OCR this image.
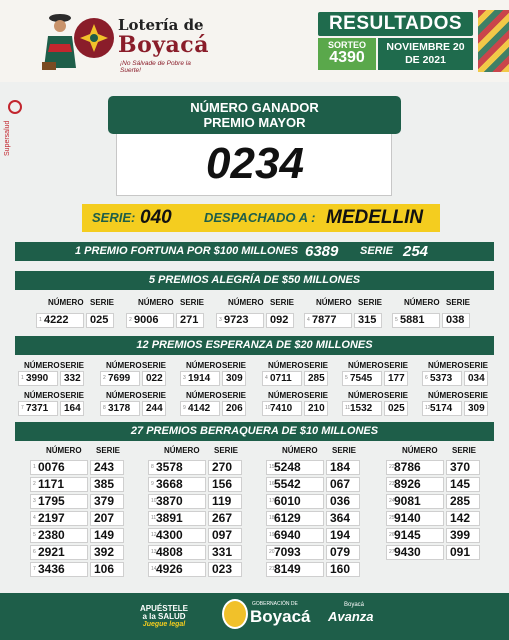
Lotería de
Boyacá
¡No Sálvade de Pobre la Suerte!
RESULTADOS
SORTEO
4390
NOVIEMBRE 20
DE 2021
Supersalud
NÚMERO GANADOR
PREMIO MAYOR
0234
SERIE: 040 DESPACHADO A : MEDELLIN
1 PREMIO FORTUNA POR $100 MILLONES 6389 SERIE 254
5 PREMIOS ALEGRÍA DE $50 MILLONES
NÚMERO SERIE
1 4222	025
NÚMERO SERIE
2 9006	271
NÚMERO SERIE
3 9723	092
NÚMERO SERIE
4 7877	315
NÚMERO SERIE
5 5881	038
12 PREMIOS ESPERANZA DE $20 MILLONES
NÚMERO SERIE
1 3990	332
NÚMERO SERIE
2 7699	022
NÚMERO SERIE
3 1914	309
NÚMERO SERIE
4 0711	285
NÚMERO SERIE
5 7545	177
NÚMERO SERIE
6 5373	034
7 7371	164	8 3178	244	9 4142	206	10 7410	210	11 1532	025	12 5174	309
NÚMERO SERIE	NÚMERO SERIE NÚMERO SERIE	NÚMERO SERIE NÚMERO SERIE NÚMERO SERIE
27 PREMIOS BERRAQUERA DE $10 MILLONES
NÚMERO SERIE	NÚMERO SERIE	NÚMERO SERIE	NÚMERO SERIE
1 0076	243
2 1171	385
3 1795	379
4 2197	207
5 2380	149
6 2921	392
7 3436	106
8 3578	270
9 3668	156
10 3870	119
11 3891	267
12 4300	097
13 4808	331
14 4926	023
15 5248	184
16 5542	067
17 6010	036
18 6129	364
19 6940	194
20 7093	079
21 8149	160
22 8786	370
23 8926	145
24 9081	285
25 9140	142
26 9145	399
27 9430	091
APUÉSTELE
a la SALUD
Juegue legal
GOBERNACIÓN DE
Boyacá
Boyacá
Avanza
